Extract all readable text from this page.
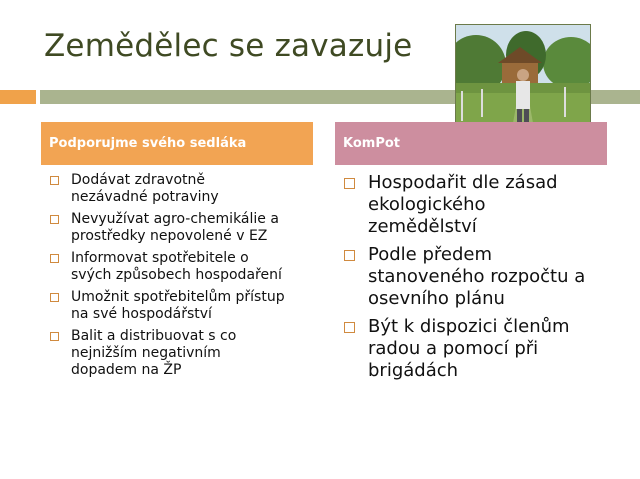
Zemědělec se zavazuje
Podporujme svého sedláka	KomPot
Dodávat zdravotně
nezávadné potraviny
Nevyužívat agro-chemikálie a
prostředky nepovolené v EZ
Informovat spotřebitele o
svých způsobech hospodaření
Umožnit spotřebitelům přístup
na své hospodářství
Balit a distribuovat s co
nejnižším negativním
dopadem na ŽP
Hospodařit dle zásad
ekologického
zemědělství
Podle předem
stanoveného rozpočtu a
osevního plánu
Být k dispozici členům
radou a pomocí při
brigádách
